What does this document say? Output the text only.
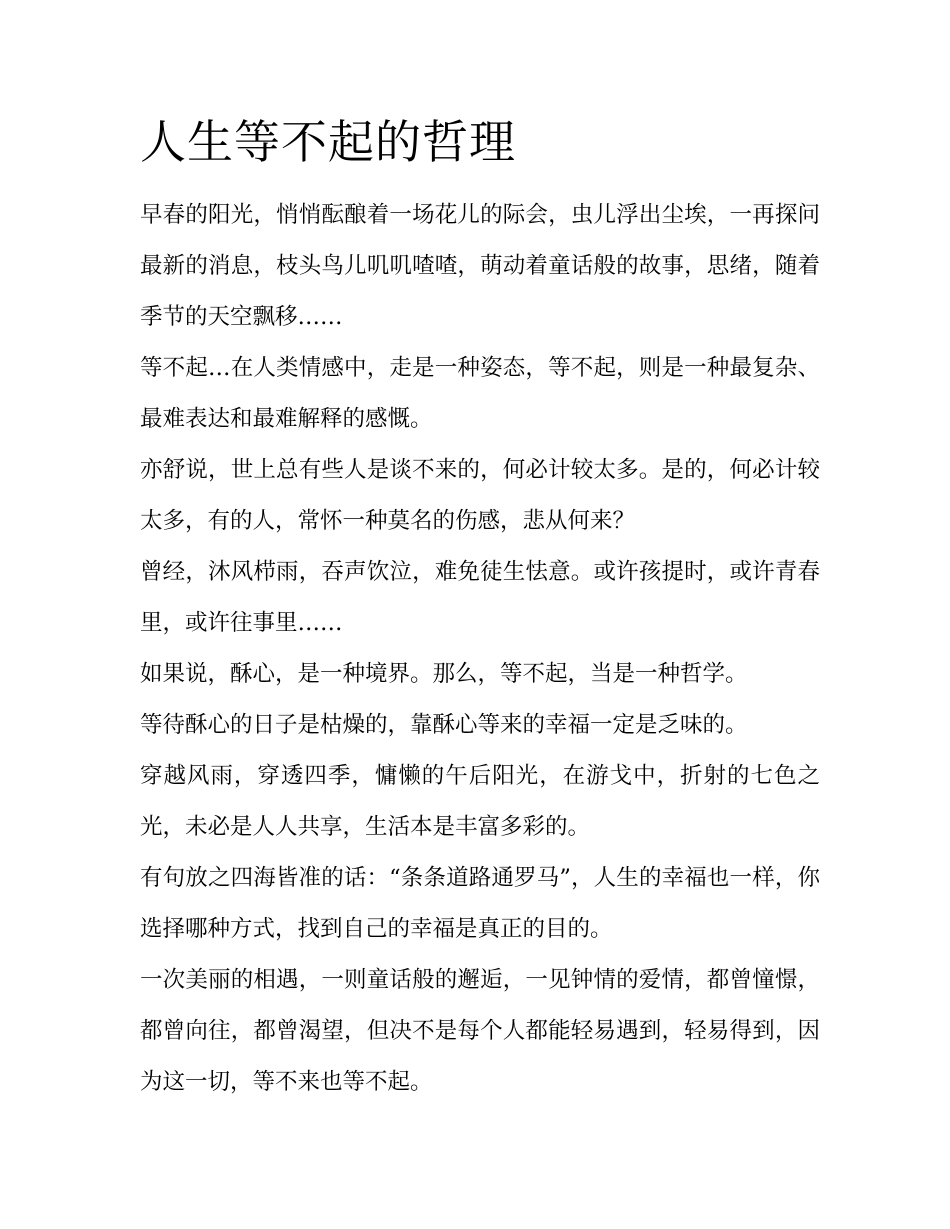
人生等不起的哲理

早春的阳光，悄悄酝酿着一场花儿的际会，虫儿浮出尘埃，一再探问最新的消息，枝头鸟儿叽叽喳喳，萌动着童话般的故事，思绪，随着季节的天空飘移……

等不起…在人类情感中，走是一种姿态，等不起，则是一种最复杂、最难表达和最难解释的感慨。

亦舒说，世上总有些人是谈不来的，何必计较太多。是的，何必计较太多，有的人，常怀一种莫名的伤感，悲从何来？

曾经，沐风栉雨，吞声饮泣，难免徒生怯意。或许孩提时，或许青春里，或许往事里……

如果说，酥心，是一种境界。那么，等不起，当是一种哲学。

等待酥心的日子是枯燥的，靠酥心等来的幸福一定是乏味的。

穿越风雨，穿透四季，慵懒的午后阳光，在游戈中，折射的七色之光，未必是人人共享，生活本是丰富多彩的。

有句放之四海皆准的话：“条条道路通罗马”，人生的幸福也一样，你选择哪种方式，找到自己的幸福是真正的目的。

一次美丽的相遇，一则童话般的邂逅，一见钟情的爱情，都曾憧憬，都曾向往，都曾渴望，但决不是每个人都能轻易遇到，轻易得到，因为这一切，等不来也等不起。
